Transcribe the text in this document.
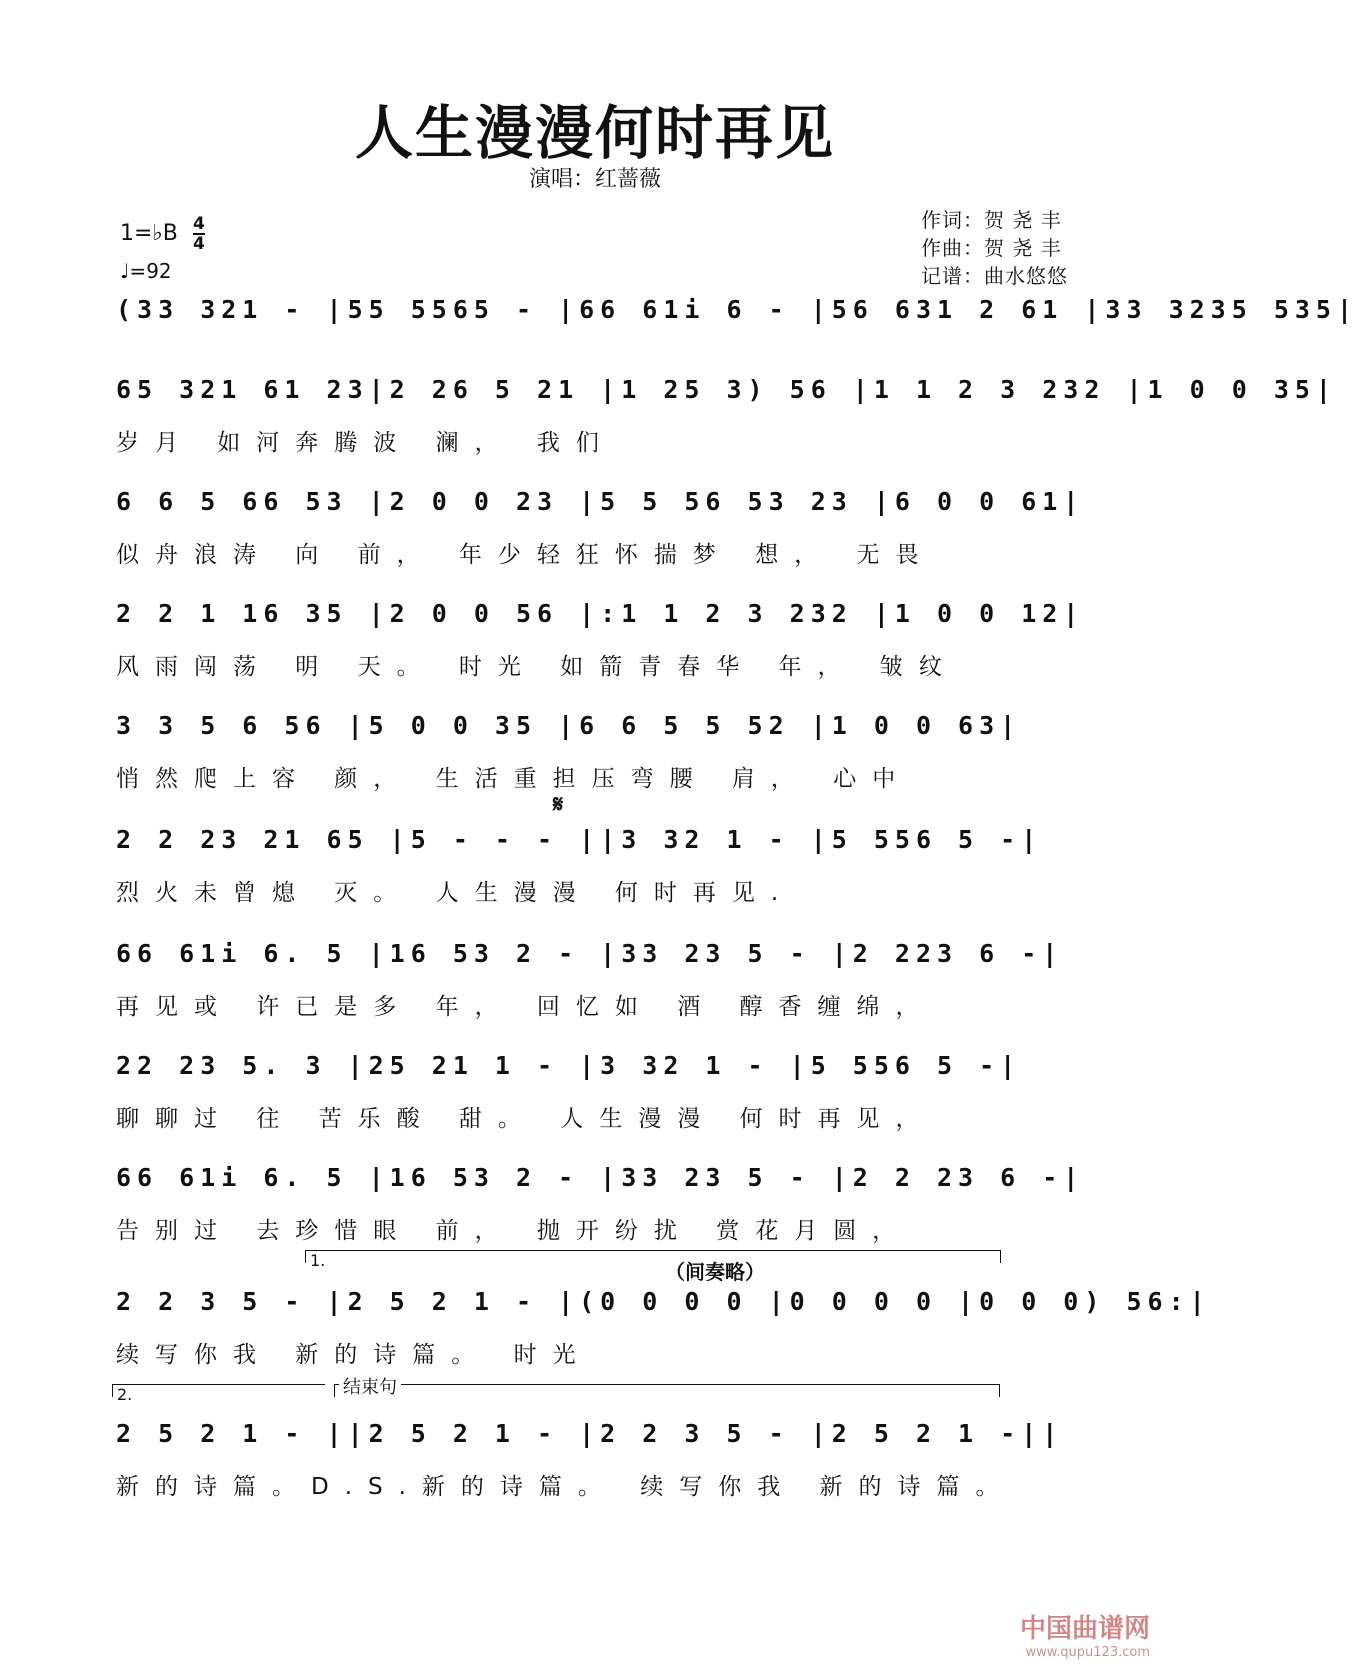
人生漫漫何时再见
演唱：红蔷薇
1=♭B $\frac{4}{4}$
♩=92
作词：贺 尧 丰
作曲：贺 尧 丰
记谱：曲水悠悠
𝄋
1.	（间奏略）
2.	结束句
(33 321 - |55 5565 - |66 61i 6 - |56 631 2 61 |33 3235 535|
65 321 61 23|2 26 5 21 |1 25 3) 56 |1 1 2 3 232 |1 0 0 35|
岁月 如河奔腾波 澜， 我们
6 6 5 66 53 |2 0 0 23 |5 5 56 53 23 |6 0 0 61|
似舟浪涛 向 前， 年少轻狂怀揣梦 想， 无畏
2 2 1 16 35 |2 0 0 56 |:1 1 2 3 232 |1 0 0 12|
风雨闯荡 明 天。 时光 如箭青春华 年， 皱纹
3 3 5 6 56 |5 0 0 35 |6 6 5 5 52 |1 0 0 63|
悄然爬上容 颜， 生活重担压弯腰 肩， 心中
2 2 23 21 65 |5 - - - ||3 32 1 - |5 556 5 -|
烈火未曾熄 灭。 人生漫漫 何时再见.
66 61i 6. 5 |16 53 2 - |33 23 5 - |2 223 6 -|
再见或 许已是多 年， 回忆如 酒 醇香缠绵，
22 23 5. 3 |25 21 1 - |3 32 1 - |5 556 5 -|
聊聊过 往 苦乐酸 甜。 人生漫漫 何时再见，
66 61i 6. 5 |16 53 2 - |33 23 5 - |2 2 23 6 -|
告别过 去珍惜眼 前， 抛开纷扰 赏花月圆，
2 2 3 5 - |2 5 2 1 - |(0 0 0 0 |0 0 0 0 |0 0 0) 56:|
续写你我 新的诗篇。 时光
2 5 2 1 - ||2 5 2 1 - |2 2 3 5 - |2 5 2 1 -||
新的诗篇。D.S.新的诗篇。 续写你我 新的诗篇。
中国曲谱网
www.qupu123.com
